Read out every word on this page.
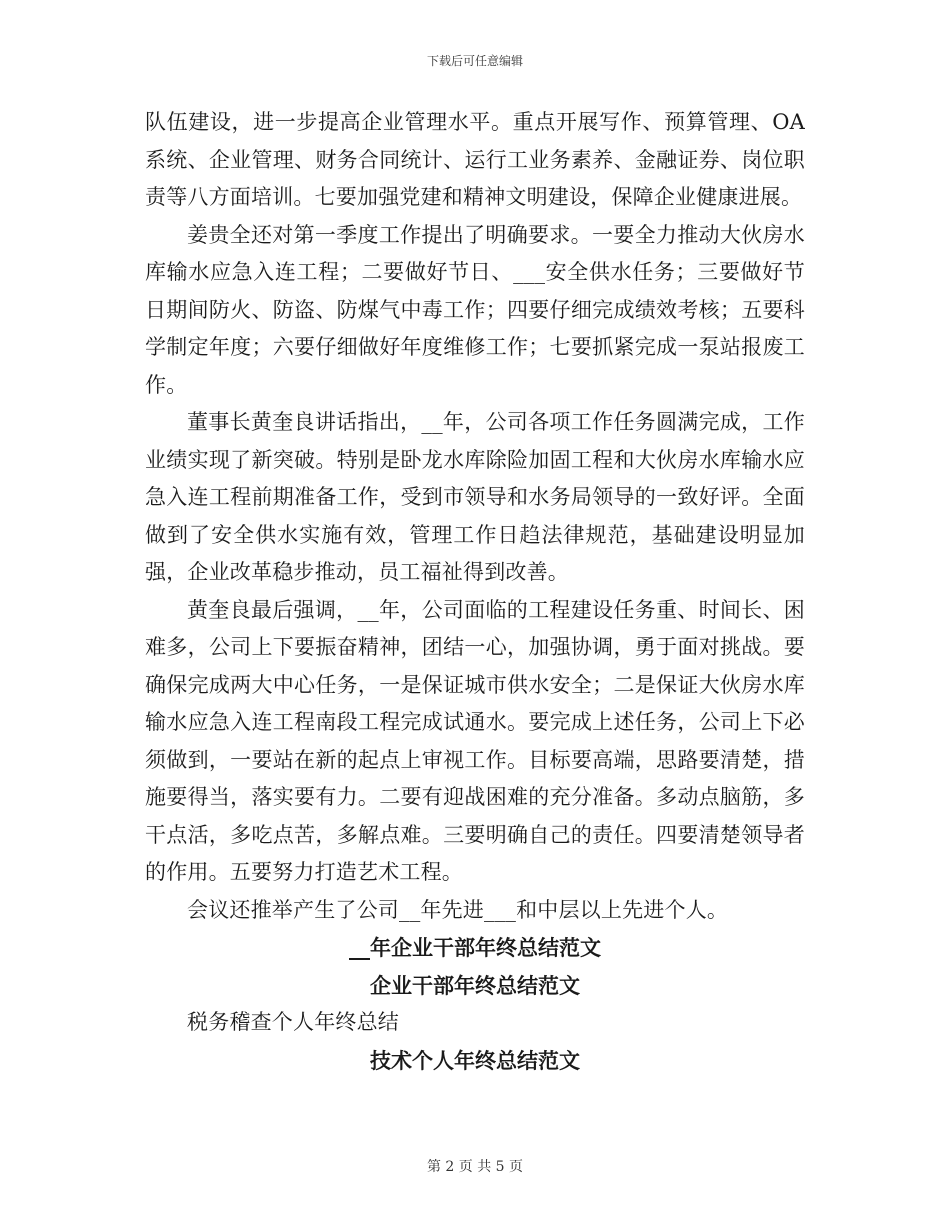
下载后可任意编辑

队伍建设，进一步提高企业管理水平。重点开展写作、预算管理、OA系统、企业管理、财务合同统计、运行工业务素养、金融证券、岗位职责等八方面培训。七要加强党建和精神文明建设，保障企业健康进展。

姜贵全还对第一季度工作提出了明确要求。一要全力推动大伙房水库输水应急入连工程；二要做好节日、___安全供水任务；三要做好节日期间防火、防盗、防煤气中毒工作；四要仔细完成绩效考核；五要科学制定年度；六要仔细做好年度维修工作；七要抓紧完成一泵站报废工作。

董事长黄奎良讲话指出，__年，公司各项工作任务圆满完成，工作业绩实现了新突破。特别是卧龙水库除险加固工程和大伙房水库输水应急入连工程前期准备工作，受到市领导和水务局领导的一致好评。全面做到了安全供水实施有效，管理工作日趋法律规范，基础建设明显加强，企业改革稳步推动，员工福祉得到改善。

黄奎良最后强调，__年，公司面临的工程建设任务重、时间长、困难多，公司上下要振奋精神，团结一心，加强协调，勇于面对挑战。要确保完成两大中心任务，一是保证城市供水安全；二是保证大伙房水库输水应急入连工程南段工程完成试通水。要完成上述任务，公司上下必须做到，一要站在新的起点上审视工作。目标要高端，思路要清楚，措施要得当，落实要有力。二要有迎战困难的充分准备。多动点脑筋，多干点活，多吃点苦，多解点难。三要明确自己的责任。四要清楚领导者的作用。五要努力打造艺术工程。

会议还推举产生了公司__年先进___和中层以上先进个人。

__年企业干部年终总结范文

企业干部年终总结范文

税务稽查个人年终总结

技术个人年终总结范文

第 2 页 共 5 页
